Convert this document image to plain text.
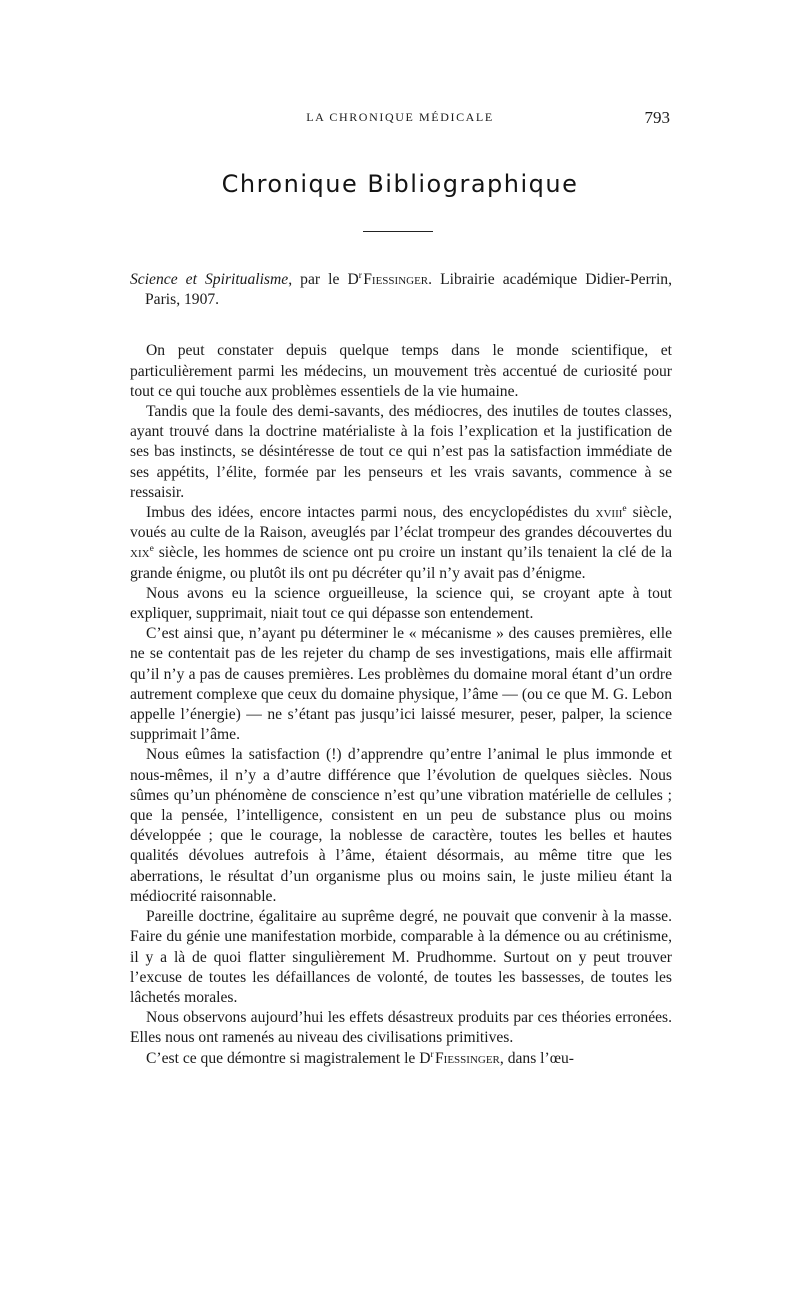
LA CHRONIQUE MÉDICALE	793
Chronique Bibliographique

Science et Spiritualisme, par le $D^r$ Fiessinger. Librairie académique Didier-Perrin, Paris, 1907.

On peut constater depuis quelque temps dans le monde scientifique, et particulièrement parmi les médecins, un mouvement très accentué de curiosité pour tout ce qui touche aux problèmes essentiels de la vie humaine.

Tandis que la foule des demi-savants, des médiocres, des inutiles de toutes classes, ayant trouvé dans la doctrine matérialiste à la fois l’explication et la justification de ses bas instincts, se désintéresse de tout ce qui n’est pas la satisfaction immédiate de ses appétits, l’élite, formée par les penseurs et les vrais savants, commence à se ressaisir.

Imbus des idées, encore intactes parmi nous, des encyclopédistes du xviii$^e$ siècle, voués au culte de la Raison, aveuglés par l’éclat trompeur des grandes découvertes du xix$^e$ siècle, les hommes de science ont pu croire un instant qu’ils tenaient la clé de la grande énigme, ou plutôt ils ont pu décréter qu’il n’y avait pas d’énigme.

Nous avons eu la science orgueilleuse, la science qui, se croyant apte à tout expliquer, supprimait, niait tout ce qui dépasse son entendement.

C’est ainsi que, n’ayant pu déterminer le « mécanisme » des causes premières, elle ne se contentait pas de les rejeter du champ de ses investigations, mais elle affirmait qu’il n’y a pas de causes premières. Les problèmes du domaine moral étant d’un ordre autrement complexe que ceux du domaine physique, l’âme — (ou ce que M. G. Lebon appelle l’énergie) — ne s’étant pas jusqu’ici laissé mesurer, peser, palper, la science supprimait l’âme.

Nous eûmes la satisfaction (!) d’apprendre qu’entre l’animal le plus immonde et nous-mêmes, il n’y a d’autre différence que l’évolution de quelques siècles. Nous sûmes qu’un phénomène de conscience n’est qu’une vibration matérielle de cellules ; que la pensée, l’intelligence, consistent en un peu de substance plus ou moins développée ; que le courage, la noblesse de caractère, toutes les belles et hautes qualités dévolues autrefois à l’âme, étaient désormais, au même titre que les aberrations, le résultat d’un organisme plus ou moins sain, le juste milieu étant la médiocrité raisonnable.

Pareille doctrine, égalitaire au suprême degré, ne pouvait que convenir à la masse. Faire du génie une manifestation morbide, comparable à la démence ou au crétinisme, il y a là de quoi flatter singulièrement M. Prudhomme. Surtout on y peut trouver l’excuse de toutes les défaillances de volonté, de toutes les bassesses, de toutes les lâchetés morales.

Nous observons aujourd’hui les effets désastreux produits par ces théories erronées. Elles nous ont ramenés au niveau des civilisations primitives.

C’est ce que démontre si magistralement le $D^r$ Fiessinger, dans l’œu-
